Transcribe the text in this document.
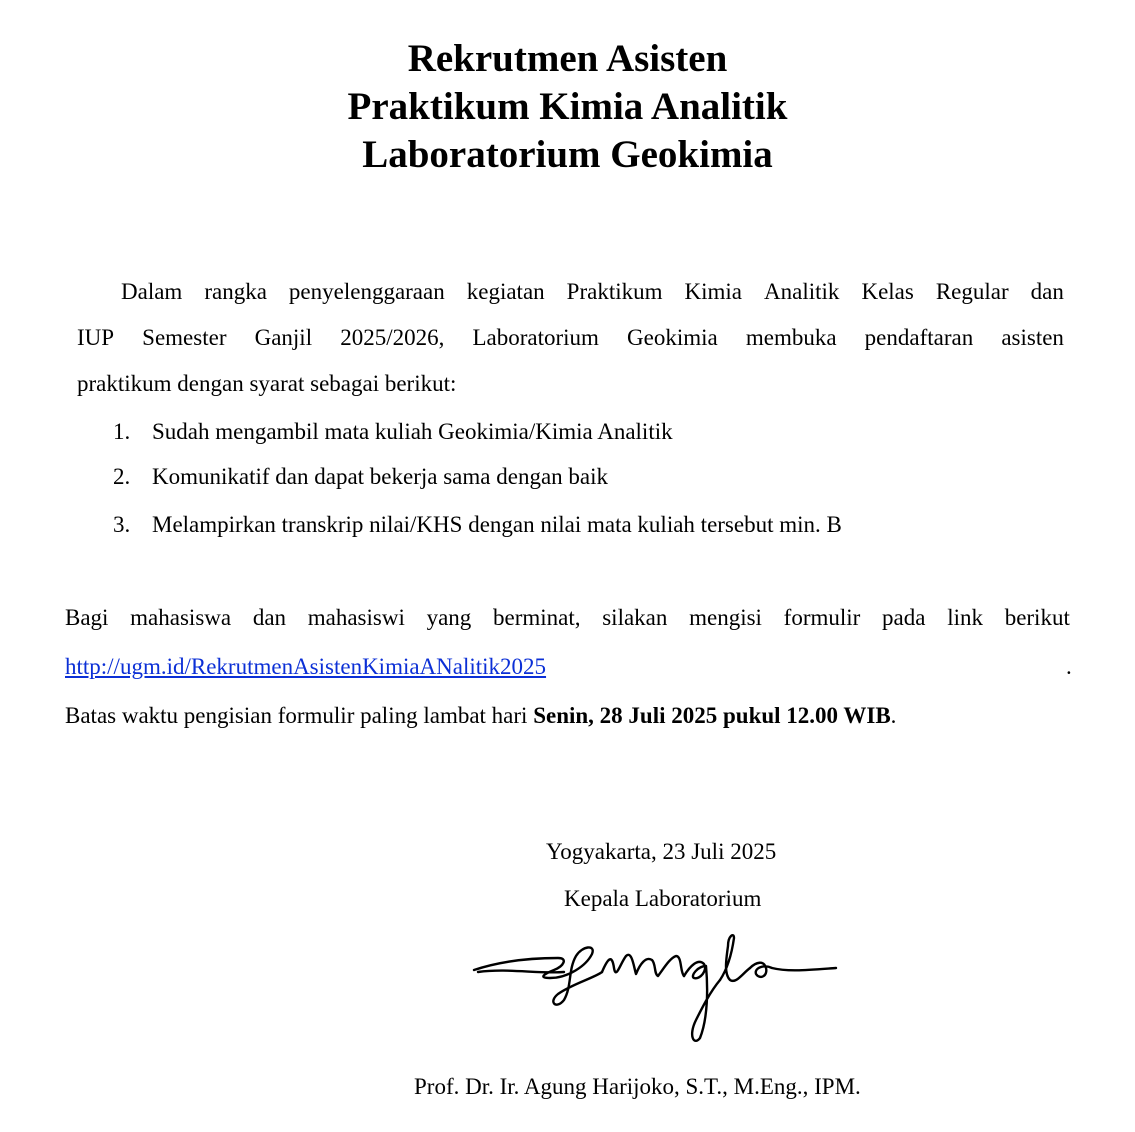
Rekrutmen Asisten
Praktikum Kimia Analitik
Laboratorium Geokimia
Dalam rangka penyelenggaraan kegiatan Praktikum Kimia Analitik Kelas Regular dan
IUP Semester Ganjil 2025/2026, Laboratorium Geokimia membuka pendaftaran asisten
praktikum dengan syarat sebagai berikut:
1. Sudah mengambil mata kuliah Geokimia/Kimia Analitik
2. Komunikatif dan dapat bekerja sama dengan baik
3. Melampirkan transkrip nilai/KHS dengan nilai mata kuliah tersebut min. B
Bagi mahasiswa dan mahasiswi yang berminat, silakan mengisi formulir pada link berikut
http://ugm.id/RekrutmenAsistenKimiaANalitik2025	.
Batas waktu pengisian formulir paling lambat hari Senin, 28 Juli 2025 pukul 12.00 WIB.
Yogyakarta, 23 Juli 2025
Kepala Laboratorium
Prof. Dr. Ir. Agung Harijoko, S.T., M.Eng., IPM.
